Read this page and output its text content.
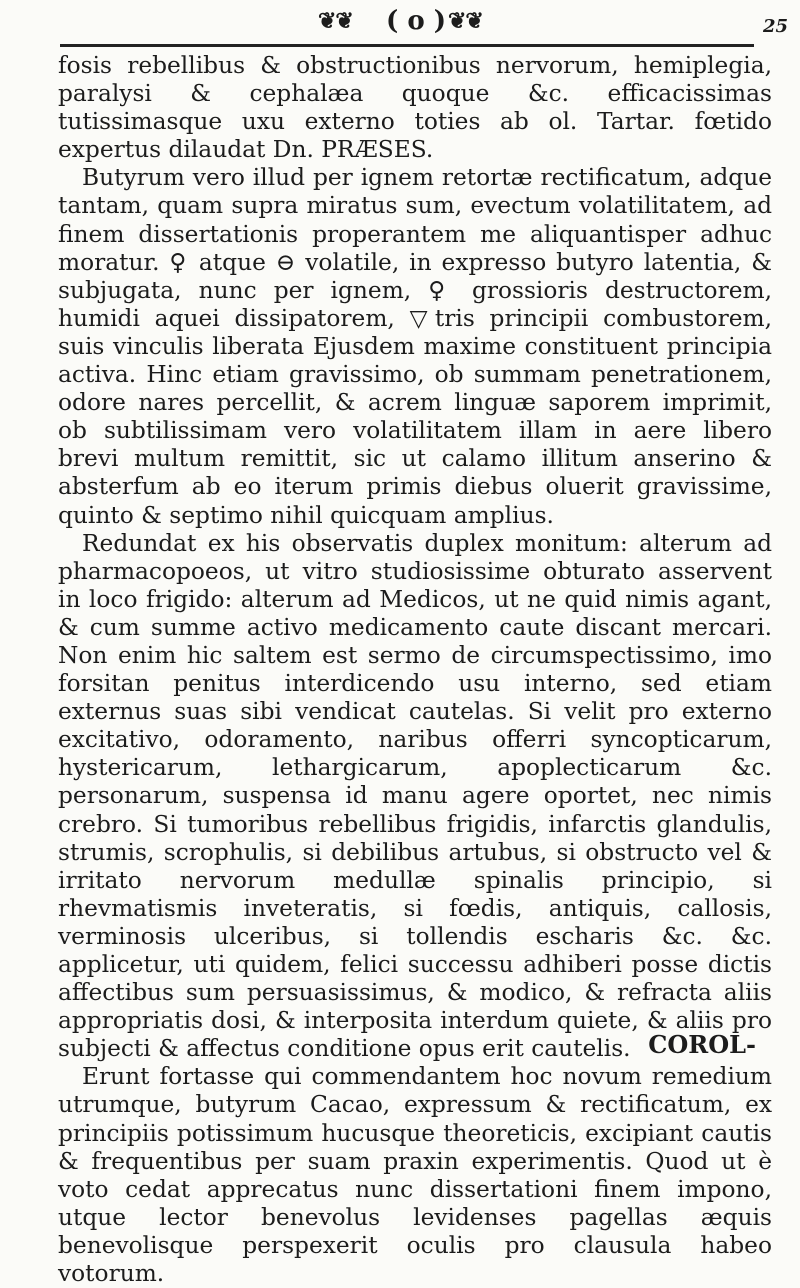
❦❦ ( o ) ❦❦	25

fosis rebellibus & obstructionibus nervorum, hemiplegia, paralysi & cephalæa quoque &c. efficacissimas tutissimasque uxu externo toties ab ol. Tartar. fœtido expertus dilaudat Dn. PRÆSES.

Butyrum vero illud per ignem retortæ rectificatum, adque tantam, quam supra miratus sum, evectum volatilitatem, ad finem dissertationis properantem me aliquantisper adhuc moratur. ♀ atque ⊖ volatile, in expresso butyro latentia, & subjugata, nunc per ignem, ♀ grossioris destructorem, humidi aquei dissipatorem, ▽tris principii combustorem, suis vinculis liberata Ejusdem maxime constituent principia activa. Hinc etiam gravissimo, ob summam penetrationem, odore nares percellit, & acrem linguæ saporem imprimit, ob subtilissimam vero volatilitatem illam in aere libero brevi multum remittit, sic ut calamo illitum anserino & absterfum ab eo iterum primis diebus oluerit gravissime, quinto & septimo nihil quicquam amplius.

Redundat ex his observatis duplex monitum: alterum ad pharmacopoeos, ut vitro studiosissime obturato asservent in loco frigido: alterum ad Medicos, ut ne quid nimis agant, & cum summe activo medicamento caute discant mercari. Non enim hic saltem est sermo de circumspectissimo, imo forsitan penitus interdicendo usu interno, sed etiam externus suas sibi vendicat cautelas. Si velit pro externo excitativo, odoramento, naribus offerri syncopticarum, hystericarum, lethargicarum, apoplecticarum &c. personarum, suspensa id manu agere oportet, nec nimis crebro. Si tumoribus rebellibus frigidis, infarctis glandulis, strumis, scrophulis, si debilibus artubus, si obstructo vel & irritato nervorum medullæ spinalis principio, si rhevmatismis inveteratis, si fœdis, antiquis, callosis, verminosis ulceribus, si tollendis escharis &c. &c. applicetur, uti quidem, felici successu adhiberi posse dictis affectibus sum persuasissimus, & modico, & refracta aliis appropriatis dosi, & interposita interdum quiete, & aliis pro subjecti & affectus conditione opus erit cautelis.

Erunt fortasse qui commendantem hoc novum remedium utrumque, butyrum Cacao, expressum & rectificatum, ex principiis potissimum hucusque theoreticis, excipiant cautis & frequentibus per suam praxin experimentis. Quod ut è voto cedat apprecatus nunc dissertationi finem impono, utque lector benevolus levidenses pagellas æquis benevolisque perspexerit oculis pro clausula habeo votorum.

COROL-
